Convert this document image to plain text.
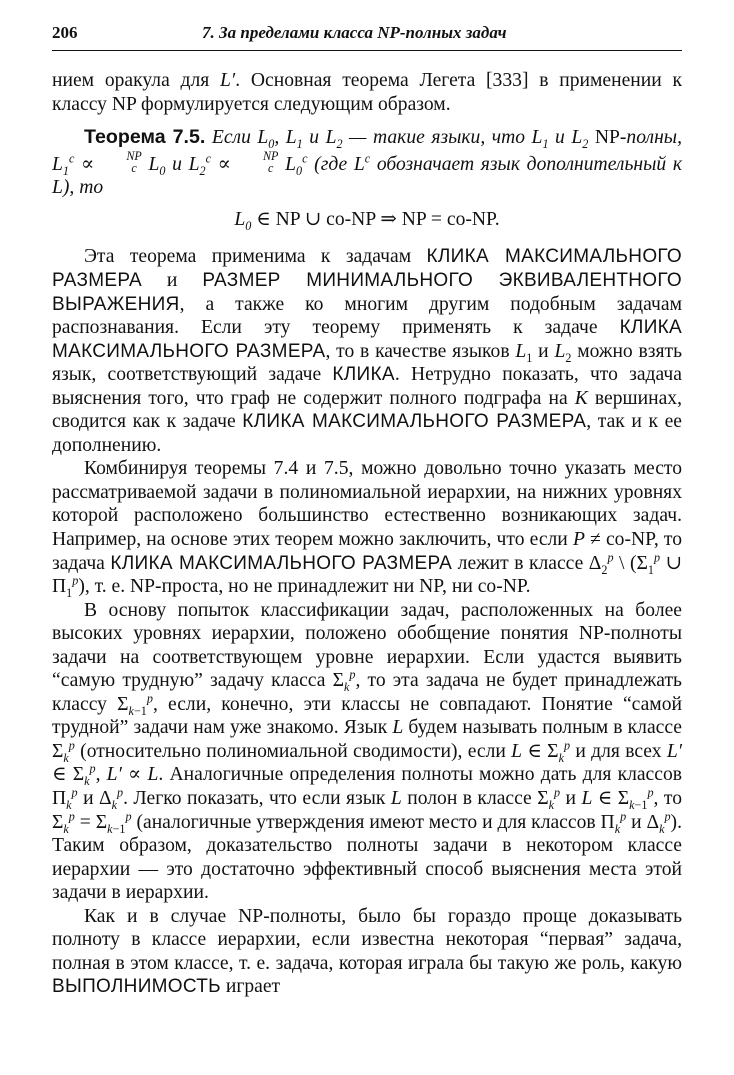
206	7. За пределами класса NP-полных задач

нием оракула для L′. Основная теорема Легета [333] в применении к классу NP формулируется следующим образом.

Теорема 7.5. Если $L_0$, $L_1$ и $L_2$ — такие языки, что $L_1$ и $L_2$ NP-полны, $L_1^c$ ∝	NP
c $L_0$ и $L_2^c$ ∝	NP
c $L_0^c$ (где $L^c$ обозначает язык дополнительный к L), то

$L_0$ ∈ NP ∪ co-NP ⇒ NP = co-NP.

Эта теорема применима к задачам КЛИКА МАКСИМАЛЬНОГО РАЗМЕРА и РАЗМЕР МИНИМАЛЬНОГО ЭКВИВАЛЕНТНОГО ВЫРАЖЕНИЯ, а также ко многим другим подобным задачам распознавания. Если эту теорему применять к задаче КЛИКА МАКСИМАЛЬНОГО РАЗМЕРА, то в качестве языков $L_1$ и $L_2$ можно взять язык, соответствующий задаче КЛИКА. Нетрудно показать, что задача выяснения того, что граф не содержит полного подграфа на K вершинах, сводится как к задаче КЛИКА МАКСИМАЛЬНОГО РАЗМЕРА, так и к ее дополнению.

Комбинируя теоремы 7.4 и 7.5, можно довольно точно указать место рассматриваемой задачи в полиномиальной иерархии, на нижних уровнях которой расположено большинство естественно возникающих задач. Например, на основе этих теорем можно заключить, что если P ≠ co-NP, то задача КЛИКА МАКСИМАЛЬНОГО РАЗМЕРА лежит в классе $\Delta_2^p$ \ ($\Sigma_1^p$ ∪ $\Pi_1^p$), т. е. NP-проста, но не принадлежит ни NP, ни co-NP.

В основу попыток классификации задач, расположенных на более высоких уровнях иерархии, положено обобщение понятия NP-полноты задачи на соответствующем уровне иерархии. Если удастся выявить “самую трудную” задачу класса $\Sigma_k^p$, то эта задача не будет принадлежать классу $\Sigma_{k-1}^p$, если, конечно, эти классы не совпадают. Понятие “самой трудной” задачи нам уже знакомо. Язык L будем называть полным в классе $\Sigma_k^p$ (относительно полиномиальной сводимости), если L ∈ $\Sigma_k^p$ и для всех L′ ∈ $\Sigma_k^p$, L′ ∝ L. Аналогичные определения полноты можно дать для классов $\Pi_k^p$ и $\Delta_k^p$. Легко показать, что если язык L полон в классе $\Sigma_k^p$ и L ∈ $\Sigma_{k-1}^p$, то $\Sigma_k^p = \Sigma_{k-1}^p$ (аналогичные утверждения имеют место и для классов $\Pi_k^p$ и $\Delta_k^p$). Таким образом, доказательство полноты задачи в некотором классе иерархии — это достаточно эффективный способ выяснения места этой задачи в иерархии.

Как и в случае NP-полноты, было бы гораздо проще доказывать полноту в классе иерархии, если известна некоторая “первая” задача, полная в этом классе, т. е. задача, которая играла бы такую же роль, какую ВЫПОЛНИМОСТЬ играет
